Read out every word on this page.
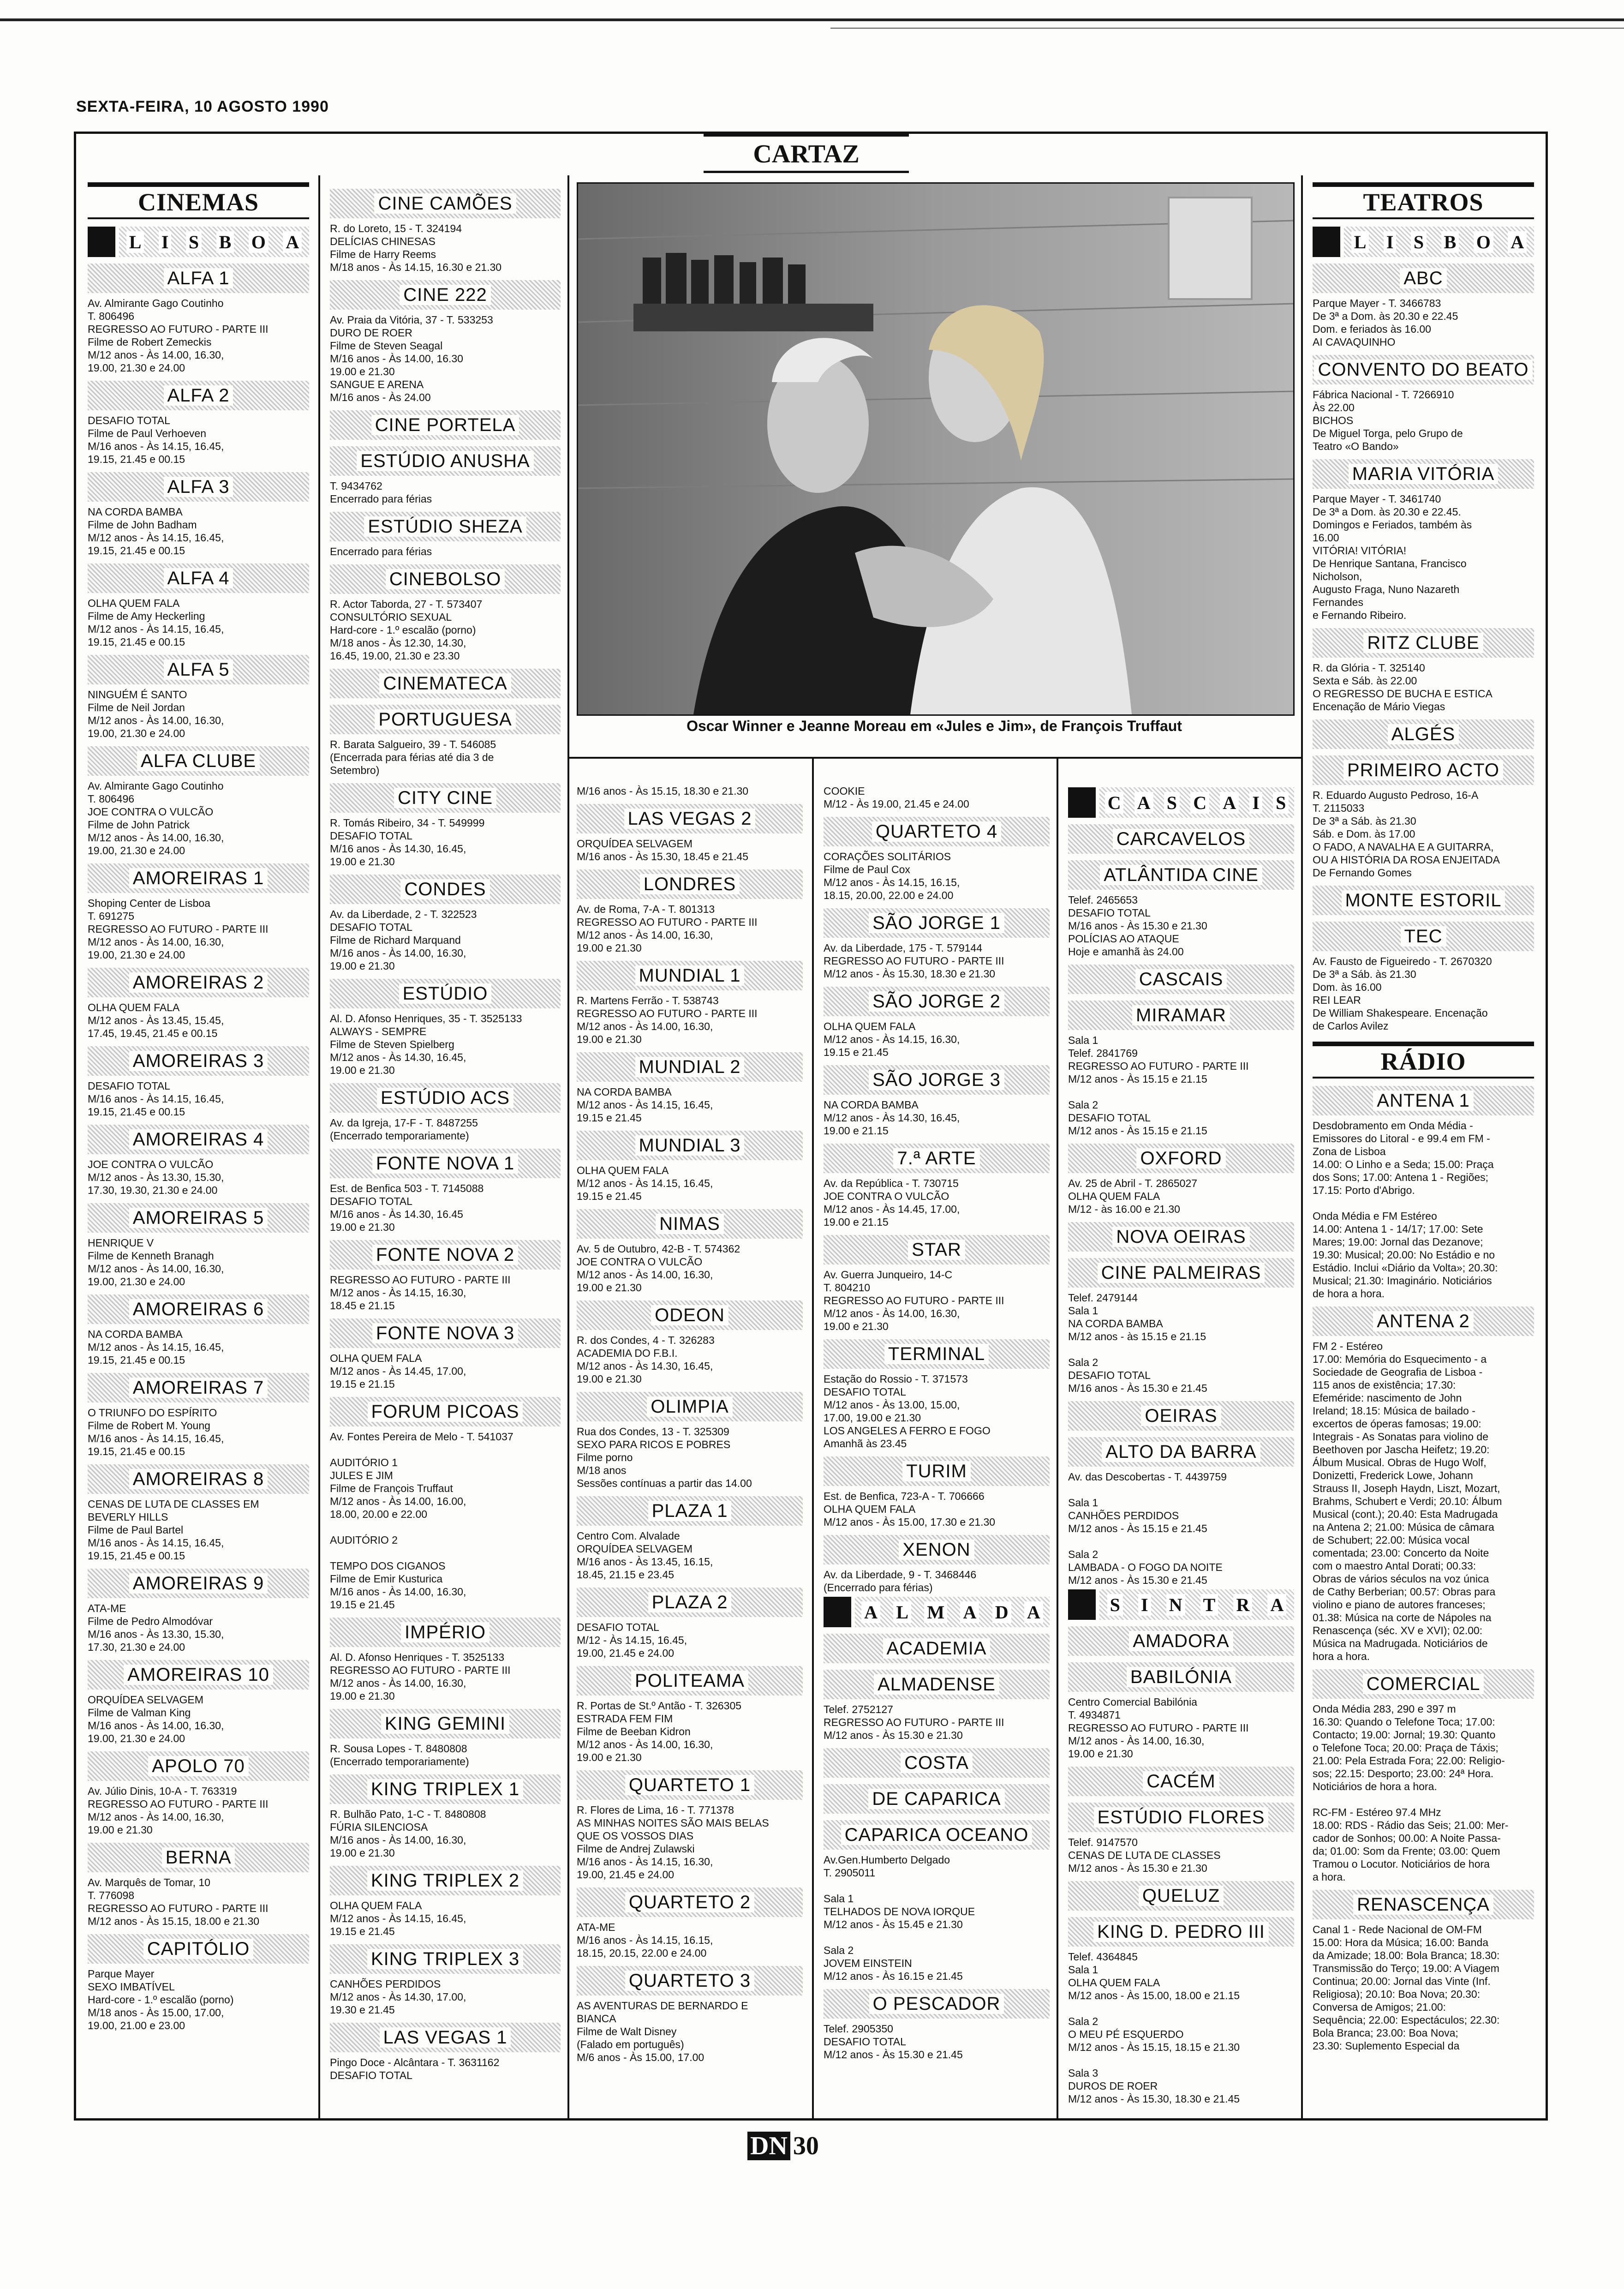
SEXTA-FEIRA, 10 AGOSTO 1990
CARTAZ
CINEMAS
L I S B O A
ALFA 1
Av. Almirante Gago Coutinho
T. 806496
REGRESSO AO FUTURO - PARTE III
Filme de Robert Zemeckis
M/12 anos - Às 14.00, 16.30,
19.00, 21.30 e 24.00
ALFA 2
DESAFIO TOTAL
Filme de Paul Verhoeven
M/16 anos - Às 14.15, 16.45,
19.15, 21.45 e 00.15
ALFA 3
NA CORDA BAMBA
Filme de John Badham
M/12 anos - Às 14.15, 16.45,
19.15, 21.45 e 00.15
ALFA 4
OLHA QUEM FALA
Filme de Amy Heckerling
M/12 anos - Às 14.15, 16.45,
19.15, 21.45 e 00.15
ALFA 5
NINGUÉM É SANTO
Filme de Neil Jordan
M/12 anos - Às 14.00, 16.30,
19.00, 21.30 e 24.00
ALFA CLUBE
Av. Almirante Gago Coutinho
T. 806496
JOE CONTRA O VULCÃO
Filme de John Patrick
M/12 anos - Às 14.00, 16.30,
19.00, 21.30 e 24.00
AMOREIRAS 1
Shoping Center de Lisboa
T. 691275
REGRESSO AO FUTURO - PARTE III
M/12 anos - Às 14.00, 16.30,
19.00, 21.30 e 24.00
AMOREIRAS 2
OLHA QUEM FALA
M/12 anos - Às 13.45, 15.45,
17.45, 19.45, 21.45 e 00.15
AMOREIRAS 3
DESAFIO TOTAL
M/16 anos - Às 14.15, 16.45,
19.15, 21.45 e 00.15
AMOREIRAS 4
JOE CONTRA O VULCÃO
M/12 anos - Às 13.30, 15.30,
17.30, 19.30, 21.30 e 24.00
AMOREIRAS 5
HENRIQUE V
Filme de Kenneth Branagh
M/12 anos - Às 14.00, 16.30,
19.00, 21.30 e 24.00
AMOREIRAS 6
NA CORDA BAMBA
M/12 anos - Às 14.15, 16.45,
19.15, 21.45 e 00.15
AMOREIRAS 7
O TRIUNFO DO ESPÍRITO
Filme de Robert M. Young
M/16 anos - Às 14.15, 16.45,
19.15, 21.45 e 00.15
AMOREIRAS 8
CENAS DE LUTA DE CLASSES EM
BEVERLY HILLS
Filme de Paul Bartel
M/16 anos - Às 14.15, 16.45,
19.15, 21.45 e 00.15
AMOREIRAS 9
ATA-ME
Filme de Pedro Almodóvar
M/16 anos - Às 13.30, 15.30,
17.30, 21.30 e 24.00
AMOREIRAS 10
ORQUÍDEA SELVAGEM
Filme de Valman King
M/16 anos - Às 14.00, 16.30,
19.00, 21.30 e 24.00
APOLO 70
Av. Júlio Dinis, 10-A - T. 763319
REGRESSO AO FUTURO - PARTE III
M/12 anos - Às 14.00, 16.30,
19.00 e 21.30
BERNA
Av. Marquês de Tomar, 10
T. 776098
REGRESSO AO FUTURO - PARTE III
M/12 anos - Às 15.15, 18.00 e 21.30
CAPITÓLIO
Parque Mayer
SEXO IMBATÍVEL
Hard-core - 1.º escalão (porno)
M/18 anos - Às 15.00, 17.00,
19.00, 21.00 e 23.00
CINE CAMÕES
R. do Loreto, 15 - T. 324194
DELÍCIAS CHINESAS
Filme de Harry Reems
M/18 anos - Às 14.15, 16.30 e 21.30
CINE 222
Av. Praia da Vitória, 37 - T. 533253
DURO DE ROER
Filme de Steven Seagal
M/16 anos - Às 14.00, 16.30
19.00 e 21.30
SANGUE E ARENA
M/16 anos - Às 24.00
CINE PORTELA
ESTÚDIO ANUSHA
T. 9434762
Encerrado para férias
ESTÚDIO SHEZA
Encerrado para férias
CINEBOLSO
R. Actor Taborda, 27 - T. 573407
CONSULTÓRIO SEXUAL
Hard-core - 1.º escalão (porno)
M/18 anos - Às 12.30, 14.30,
16.45, 19.00, 21.30 e 23.30
CINEMATECA
PORTUGUESA
R. Barata Salgueiro, 39 - T. 546085
(Encerrada para férias até dia 3 de
Setembro)
CITY CINE
R. Tomás Ribeiro, 34 - T. 549999
DESAFIO TOTAL
M/16 anos - Às 14.30, 16.45,
19.00 e 21.30
CONDES
Av. da Liberdade, 2 - T. 322523
DESAFIO TOTAL
Filme de Richard Marquand
M/16 anos - Às 14.00, 16.30,
19.00 e 21.30
ESTÚDIO
Al. D. Afonso Henriques, 35 - T. 3525133
ALWAYS - SEMPRE
Filme de Steven Spielberg
M/12 anos - Às 14.30, 16.45,
19.00 e 21.30
ESTÚDIO ACS
Av. da Igreja, 17-F - T. 8487255
(Encerrado temporariamente)
FONTE NOVA 1
Est. de Benfica 503 - T. 7145088
DESAFIO TOTAL
M/16 anos - Às 14.30, 16.45
19.00 e 21.30
FONTE NOVA 2
REGRESSO AO FUTURO - PARTE III
M/12 anos - Às 14.15, 16.30,
18.45 e 21.15
FONTE NOVA 3
OLHA QUEM FALA
M/12 anos - Às 14.45, 17.00,
19.15 e 21.15
FORUM PICOAS
Av. Fontes Pereira de Melo - T. 541037

AUDITÓRIO 1
JULES E JIM
Filme de François Truffaut
M/12 anos - Às 14.00, 16.00,
18.00, 20.00 e 22.00

AUDITÓRIO 2

TEMPO DOS CIGANOS
Filme de Emir Kusturica
M/16 anos - Às 14.00, 16.30,
19.15 e 21.45
IMPÉRIO
Al. D. Afonso Henriques - T. 3525133
REGRESSO AO FUTURO - PARTE III
M/12 anos - Às 14.00, 16.30,
19.00 e 21.30
KING GEMINI
R. Sousa Lopes - T. 8480808
(Encerrado temporariamente)
KING TRIPLEX 1
R. Bulhão Pato, 1-C - T. 8480808
FÚRIA SILENCIOSA
M/16 anos - Às 14.00, 16.30,
19.00 e 21.30
KING TRIPLEX 2
OLHA QUEM FALA
M/12 anos - Às 14.15, 16.45,
19.15 e 21.45
KING TRIPLEX 3
CANHÕES PERDIDOS
M/12 anos - Às 14.30, 17.00,
19.30 e 21.45
LAS VEGAS 1
Pingo Doce - Alcântara - T. 3631162
DESAFIO TOTAL
Oscar Winner e Jeanne Moreau em «Jules e Jim», de François Truffaut
M/16 anos - Às 15.15, 18.30 e 21.30
LAS VEGAS 2
ORQUÍDEA SELVAGEM
M/16 anos - Às 15.30, 18.45 e 21.45
LONDRES
Av. de Roma, 7-A - T. 801313
REGRESSO AO FUTURO - PARTE III
M/12 anos - Às 14.00, 16.30,
19.00 e 21.30
MUNDIAL 1
R. Martens Ferrão - T. 538743
REGRESSO AO FUTURO - PARTE III
M/12 anos - Às 14.00, 16.30,
19.00 e 21.30
MUNDIAL 2
NA CORDA BAMBA
M/12 anos - Às 14.15, 16.45,
19.15 e 21.45
MUNDIAL 3
OLHA QUEM FALA
M/12 anos - Às 14.15, 16.45,
19.15 e 21.45
NIMAS
Av. 5 de Outubro, 42-B - T. 574362
JOE CONTRA O VULCÃO
M/12 anos - Às 14.00, 16.30,
19.00 e 21.30
ODEON
R. dos Condes, 4 - T. 326283
ACADEMIA DO F.B.I.
M/12 anos - Às 14.30, 16.45,
19.00 e 21.30
OLIMPIA
Rua dos Condes, 13 - T. 325309
SEXO PARA RICOS E POBRES
Filme porno
M/18 anos
Sessões contínuas a partir das 14.00
PLAZA 1
Centro Com. Alvalade
ORQUÍDEA SELVAGEM
M/16 anos - Às 13.45, 16.15,
18.45, 21.15 e 23.45
PLAZA 2
DESAFIO TOTAL
M/12 - Às 14.15, 16.45,
19.00, 21.45 e 24.00
POLITEAMA
R. Portas de St.º Antão - T. 326305
ESTRADA FEM FIM
Filme de Beeban Kidron
M/12 anos - Às 14.00, 16.30,
19.00 e 21.30
QUARTETO 1
R. Flores de Lima, 16 - T. 771378
AS MINHAS NOITES SÃO MAIS BELAS
QUE OS VOSSOS DIAS
Filme de Andrej Zulawski
M/16 anos - Às 14.15, 16.30,
19.00, 21.45 e 24.00
QUARTETO 2
ATA-ME
M/16 anos - Às 14.15, 16.15,
18.15, 20.15, 22.00 e 24.00
QUARTETO 3
AS AVENTURAS DE BERNARDO E
BIANCA
Filme de Walt Disney
(Falado em português)
M/6 anos - Às 15.00, 17.00
COOKIE
M/12 - Às 19.00, 21.45 e 24.00
QUARTETO 4
CORAÇÕES SOLITÁRIOS
Filme de Paul Cox
M/12 anos - Às 14.15, 16.15,
18.15, 20.00, 22.00 e 24.00
SÃO JORGE 1
Av. da Liberdade, 175 - T. 579144
REGRESSO AO FUTURO - PARTE III
M/12 anos - Às 15.30, 18.30 e 21.30
SÃO JORGE 2
OLHA QUEM FALA
M/12 anos - Às 14.15, 16.30,
19.15 e 21.45
SÃO JORGE 3
NA CORDA BAMBA
M/12 anos - Às 14.30, 16.45,
19.00 e 21.15
7.ª ARTE
Av. da República - T. 730715
JOE CONTRA O VULCÃO
M/12 anos - Às 14.45, 17.00,
19.00 e 21.15
STAR
Av. Guerra Junqueiro, 14-C
T. 804210
REGRESSO AO FUTURO - PARTE III
M/12 anos - Às 14.00, 16.30,
19.00 e 21.30
TERMINAL
Estação do Rossio - T. 371573
DESAFIO TOTAL
M/12 anos - Às 13.00, 15.00,
17.00, 19.00 e 21.30
LOS ANGELES A FERRO E FOGO
Amanhã às 23.45
TURIM
Est. de Benfica, 723-A - T. 706666
OLHA QUEM FALA
M/12 anos - Às 15.00, 17.30 e 21.30
XENON
Av. da Liberdade, 9 - T. 3468446
(Encerrado para férias)
A L M A D A
ACADEMIA
ALMADENSE
Telef. 2752127
REGRESSO AO FUTURO - PARTE III
M/12 anos - Às 15.30 e 21.30
COSTA
DE CAPARICA
CAPARICA OCEANO
Av.Gen.Humberto Delgado
T. 2905011

Sala 1
TELHADOS DE NOVA IORQUE
M/12 anos - Às 15.45 e 21.30

Sala 2
JOVEM EINSTEIN
M/12 anos - Às 16.15 e 21.45
O PESCADOR
Telef. 2905350
DESAFIO TOTAL
M/12 anos - Às 15.30 e 21.45
C A S C A I S
CARCAVELOS
ATLÂNTIDA CINE
Telef. 2465653
DESAFIO TOTAL
M/16 anos - Às 15.30 e 21.30
POLÍCIAS AO ATAQUE
Hoje e amanhã às 24.00
CASCAIS
MIRAMAR
Sala 1
Telef. 2841769
REGRESSO AO FUTURO - PARTE III
M/12 anos - Às 15.15 e 21.15

Sala 2
DESAFIO TOTAL
M/12 anos - Às 15.15 e 21.15
OXFORD
Av. 25 de Abril - T. 2865027
OLHA QUEM FALA
M/12 - às 16.00 e 21.30
NOVA OEIRAS
CINE PALMEIRAS
Telef. 2479144
Sala 1
NA CORDA BAMBA
M/12 anos - às 15.15 e 21.15

Sala 2
DESAFIO TOTAL
M/16 anos - Às 15.30 e 21.45
OEIRAS
ALTO DA BARRA
Av. das Descobertas - T. 4439759

Sala 1
CANHÕES PERDIDOS
M/12 anos - Às 15.15 e 21.45

Sala 2
LAMBADA - O FOGO DA NOITE
M/12 anos - Às 15.30 e 21.45
S I N T R A
AMADORA
BABILÓNIA
Centro Comercial Babilónia
T. 4934871
REGRESSO AO FUTURO - PARTE III
M/12 anos - Às 14.00, 16.30,
19.00 e 21.30
CACÉM
ESTÚDIO FLORES
Telef. 9147570
CENAS DE LUTA DE CLASSES
M/12 anos - Às 15.30 e 21.30
QUELUZ
KING D. PEDRO III
Telef. 4364845
Sala 1
OLHA QUEM FALA
M/12 anos - Às 15.00, 18.00 e 21.15

Sala 2
O MEU PÉ ESQUERDO
M/12 anos - Às 15.15, 18.15 e 21.30

Sala 3
DUROS DE ROER
M/12 anos - Às 15.30, 18.30 e 21.45
TEATROS
L I S B O A
ABC
Parque Mayer - T. 3466783
De 3ª a Dom. às 20.30 e 22.45
Dom. e feriados às 16.00
AI CAVAQUINHO
CONVENTO DO BEATO
Fábrica Nacional - T. 7266910
Às 22.00
BICHOS
De Miguel Torga, pelo Grupo de
Teatro «O Bando»
MARIA VITÓRIA
Parque Mayer - T. 3461740
De 3ª a Dom. às 20.30 e 22.45.
Domingos e Feriados, também às
16.00
VITÓRIA! VITÓRIA!
De Henrique Santana, Francisco
Nicholson,
Augusto Fraga, Nuno Nazareth
Fernandes
e Fernando Ribeiro.
RITZ CLUBE
R. da Glória - T. 325140
Sexta e Sáb. às 22.00
O REGRESSO DE BUCHA E ESTICA
Encenação de Mário Viegas
ALGÉS
PRIMEIRO ACTO
R. Eduardo Augusto Pedroso, 16-A
T. 2115033
De 3ª a Sáb. às 21.30
Sáb. e Dom. às 17.00
O FADO, A NAVALHA E A GUITARRA,
OU A HISTÓRIA DA ROSA ENJEITADA
De Fernando Gomes
MONTE ESTORIL
TEC
Av. Fausto de Figueiredo - T. 2670320
De 3ª a Sáb. às 21.30
Dom. às 16.00
REI LEAR
De William Shakespeare. Encenação
de Carlos Avilez
RÁDIO
ANTENA 1
Desdobramento em Onda Média -
Emissores do Litoral - e 99.4 em FM -
Zona de Lisboa
14.00: O Linho e a Seda; 15.00: Praça
dos Sons; 17.00: Antena 1 - Regiões;
17.15: Porto d'Abrigo.

Onda Média e FM Estéreo
14.00: Antena 1 - 14/17; 17.00: Sete
Mares; 19.00: Jornal das Dezanove;
19.30: Musical; 20.00: No Estádio e no
Estádio. Inclui «Diário da Volta»; 20.30:
Musical; 21.30: Imaginário. Noticiários
de hora a hora.
ANTENA 2
FM 2 - Estéreo
17.00: Memória do Esquecimento - a
Sociedade de Geografia de Lisboa -
115 anos de existência; 17.30:
Efeméride: nascimento de John
Ireland; 18.15: Música de bailado -
excertos de óperas famosas; 19.00:
Integrais - As Sonatas para violino de
Beethoven por Jascha Heifetz; 19.20:
Álbum Musical. Obras de Hugo Wolf,
Donizetti, Frederick Lowe, Johann
Strauss II, Joseph Haydn, Liszt, Mozart,
Brahms, Schubert e Verdi; 20.10: Álbum
Musical (cont.); 20.40: Esta Madrugada
na Antena 2; 21.00: Música de câmara
de Schubert; 22.00: Música vocal
comentada; 23.00: Concerto da Noite
com o maestro Antal Dorati; 00.33:
Obras de vários séculos na voz única
de Cathy Berberian; 00.57: Obras para
violino e piano de autores franceses;
01.38: Música na corte de Nápoles na
Renascença (séc. XV e XVI); 02.00:
Música na Madrugada. Noticiários de
hora a hora.
COMERCIAL
Onda Média 283, 290 e 397 m
16.30: Quando o Telefone Toca; 17.00:
Contacto; 19.00: Jornal; 19.30: Quanto
o Telefone Toca; 20.00: Praça de Táxis;
21.00: Pela Estrada Fora; 22.00: Religio-
sos; 22.15: Desporto; 23.00: 24ª Hora.
Noticiários de hora a hora.

RC-FM - Estéreo 97.4 MHz
18.00: RDS - Rádio das Seis; 21.00: Mer-
cador de Sonhos; 00.00: A Noite Passa-
da; 01.00: Som da Frente; 03.00: Quem
Tramou o Locutor. Noticiários de hora
a hora.
RENASCENÇA
Canal 1 - Rede Nacional de OM-FM
15.00: Hora da Música; 16.00: Banda
da Amizade; 18.00: Bola Branca; 18.30:
Transmissão do Terço; 19.00: A Viagem
Continua; 20.00: Jornal das Vinte (Inf.
Religiosa); 20.10: Boa Nova; 20.30:
Conversa de Amigos; 21.00:
Sequência; 22.00: Espectáculos; 22.30:
Bola Branca; 23.00: Boa Nova;
23.30: Suplemento Especial da
DN 30
